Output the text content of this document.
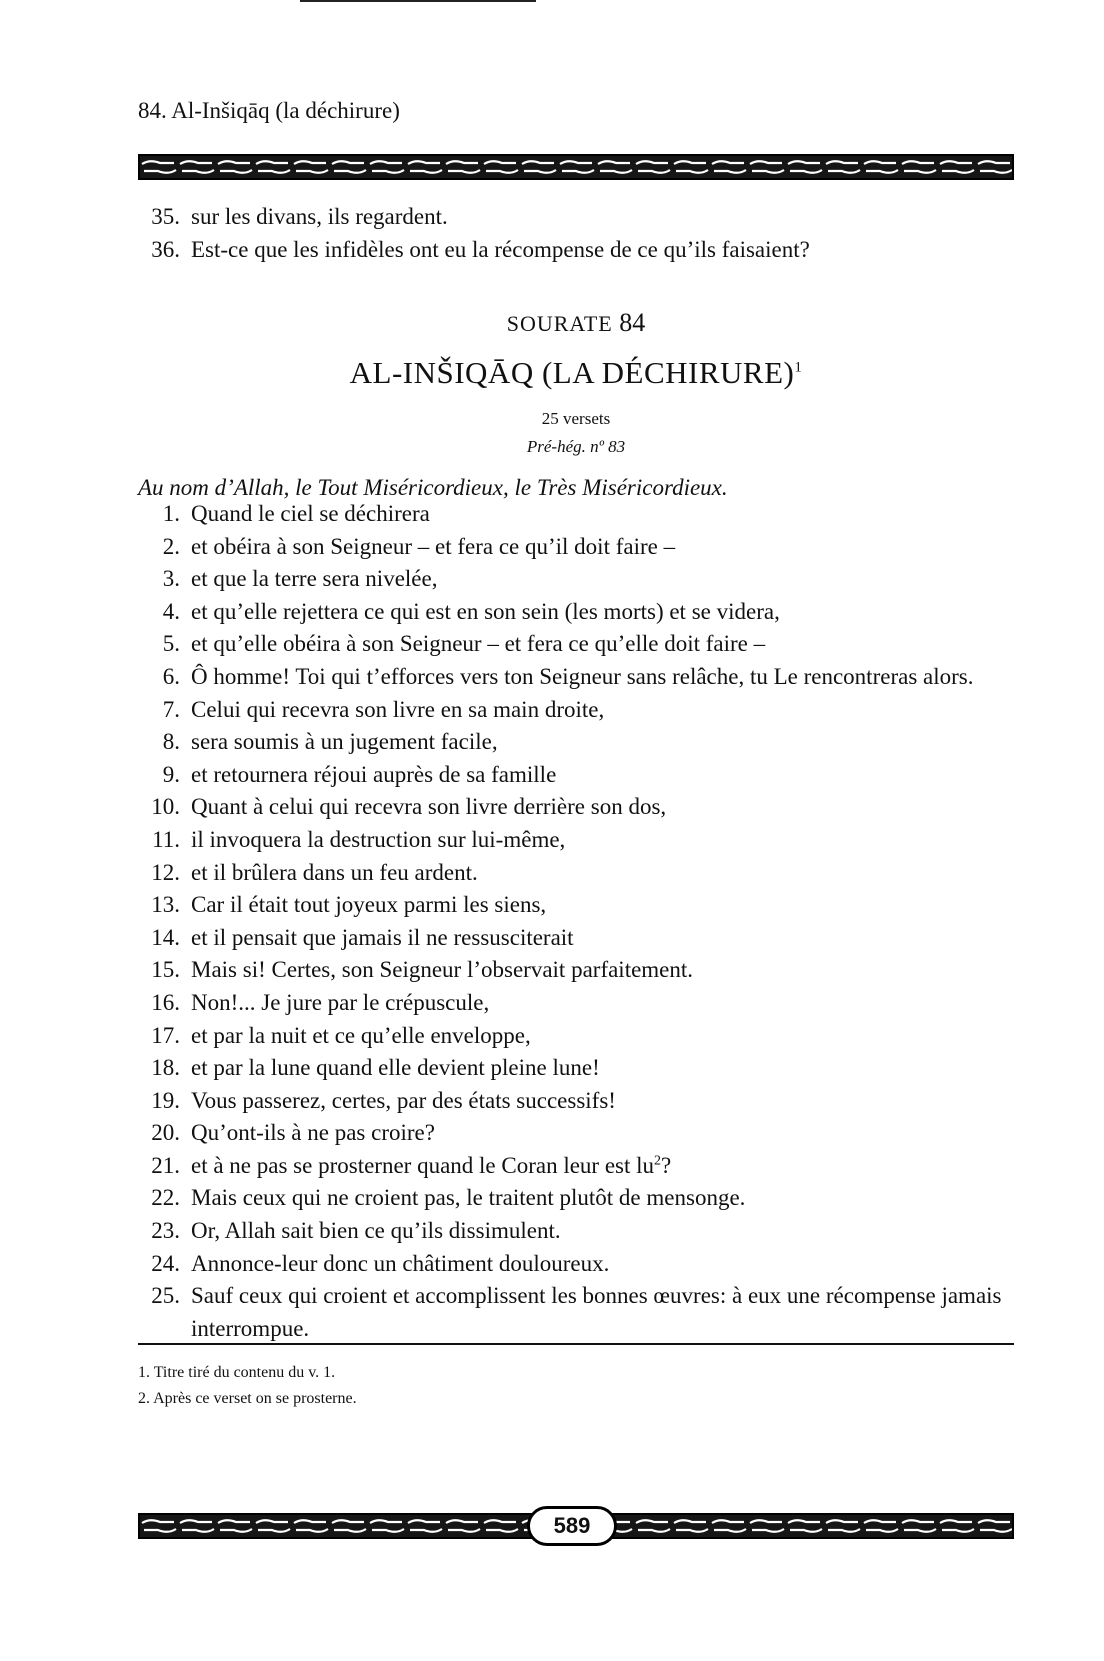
84. Al-Inšiqāq (la déchirure)
35. sur les divans, ils regardent.
36. Est-ce que les infidèles ont eu la récompense de ce qu’ils faisaient?
SOURATE 84
AL-INŠIQĀQ (LA DÉCHIRURE)$^1$
25 versets
Pré-hég. nº 83
Au nom d’Allah, le Tout Miséricordieux, le Très Miséricordieux.
1. Quand le ciel se déchirera
2. et obéira à son Seigneur – et fera ce qu’il doit faire –
3. et que la terre sera nivelée,
4. et qu’elle rejettera ce qui est en son sein (les morts) et se videra,
5. et qu’elle obéira à son Seigneur – et fera ce qu’elle doit faire –
6. Ô homme! Toi qui t’efforces vers ton Seigneur sans relâche, tu Le rencontreras alors.
7. Celui qui recevra son livre en sa main droite,
8. sera soumis à un jugement facile,
9. et retournera réjoui auprès de sa famille
10. Quant à celui qui recevra son livre derrière son dos,
11. il invoquera la destruction sur lui-même,
12. et il brûlera dans un feu ardent.
13. Car il était tout joyeux parmi les siens,
14. et il pensait que jamais il ne ressusciterait
15. Mais si! Certes, son Seigneur l’observait parfaitement.
16. Non!... Je jure par le crépuscule,
17. et par la nuit et ce qu’elle enveloppe,
18. et par la lune quand elle devient pleine lune!
19. Vous passerez, certes, par des états successifs!
20. Qu’ont-ils à ne pas croire?
21. et à ne pas se prosterner quand le Coran leur est $lu^2$?
22. Mais ceux qui ne croient pas, le traitent plutôt de mensonge.
23. Or, Allah sait bien ce qu’ils dissimulent.
24. Annonce-leur donc un châtiment douloureux.
25. Sauf ceux qui croient et accomplissent les bonnes œuvres: à eux une récompense jamais interrompue.
1. Titre tiré du contenu du v. 1.
2. Après ce verset on se prosterne.
589
